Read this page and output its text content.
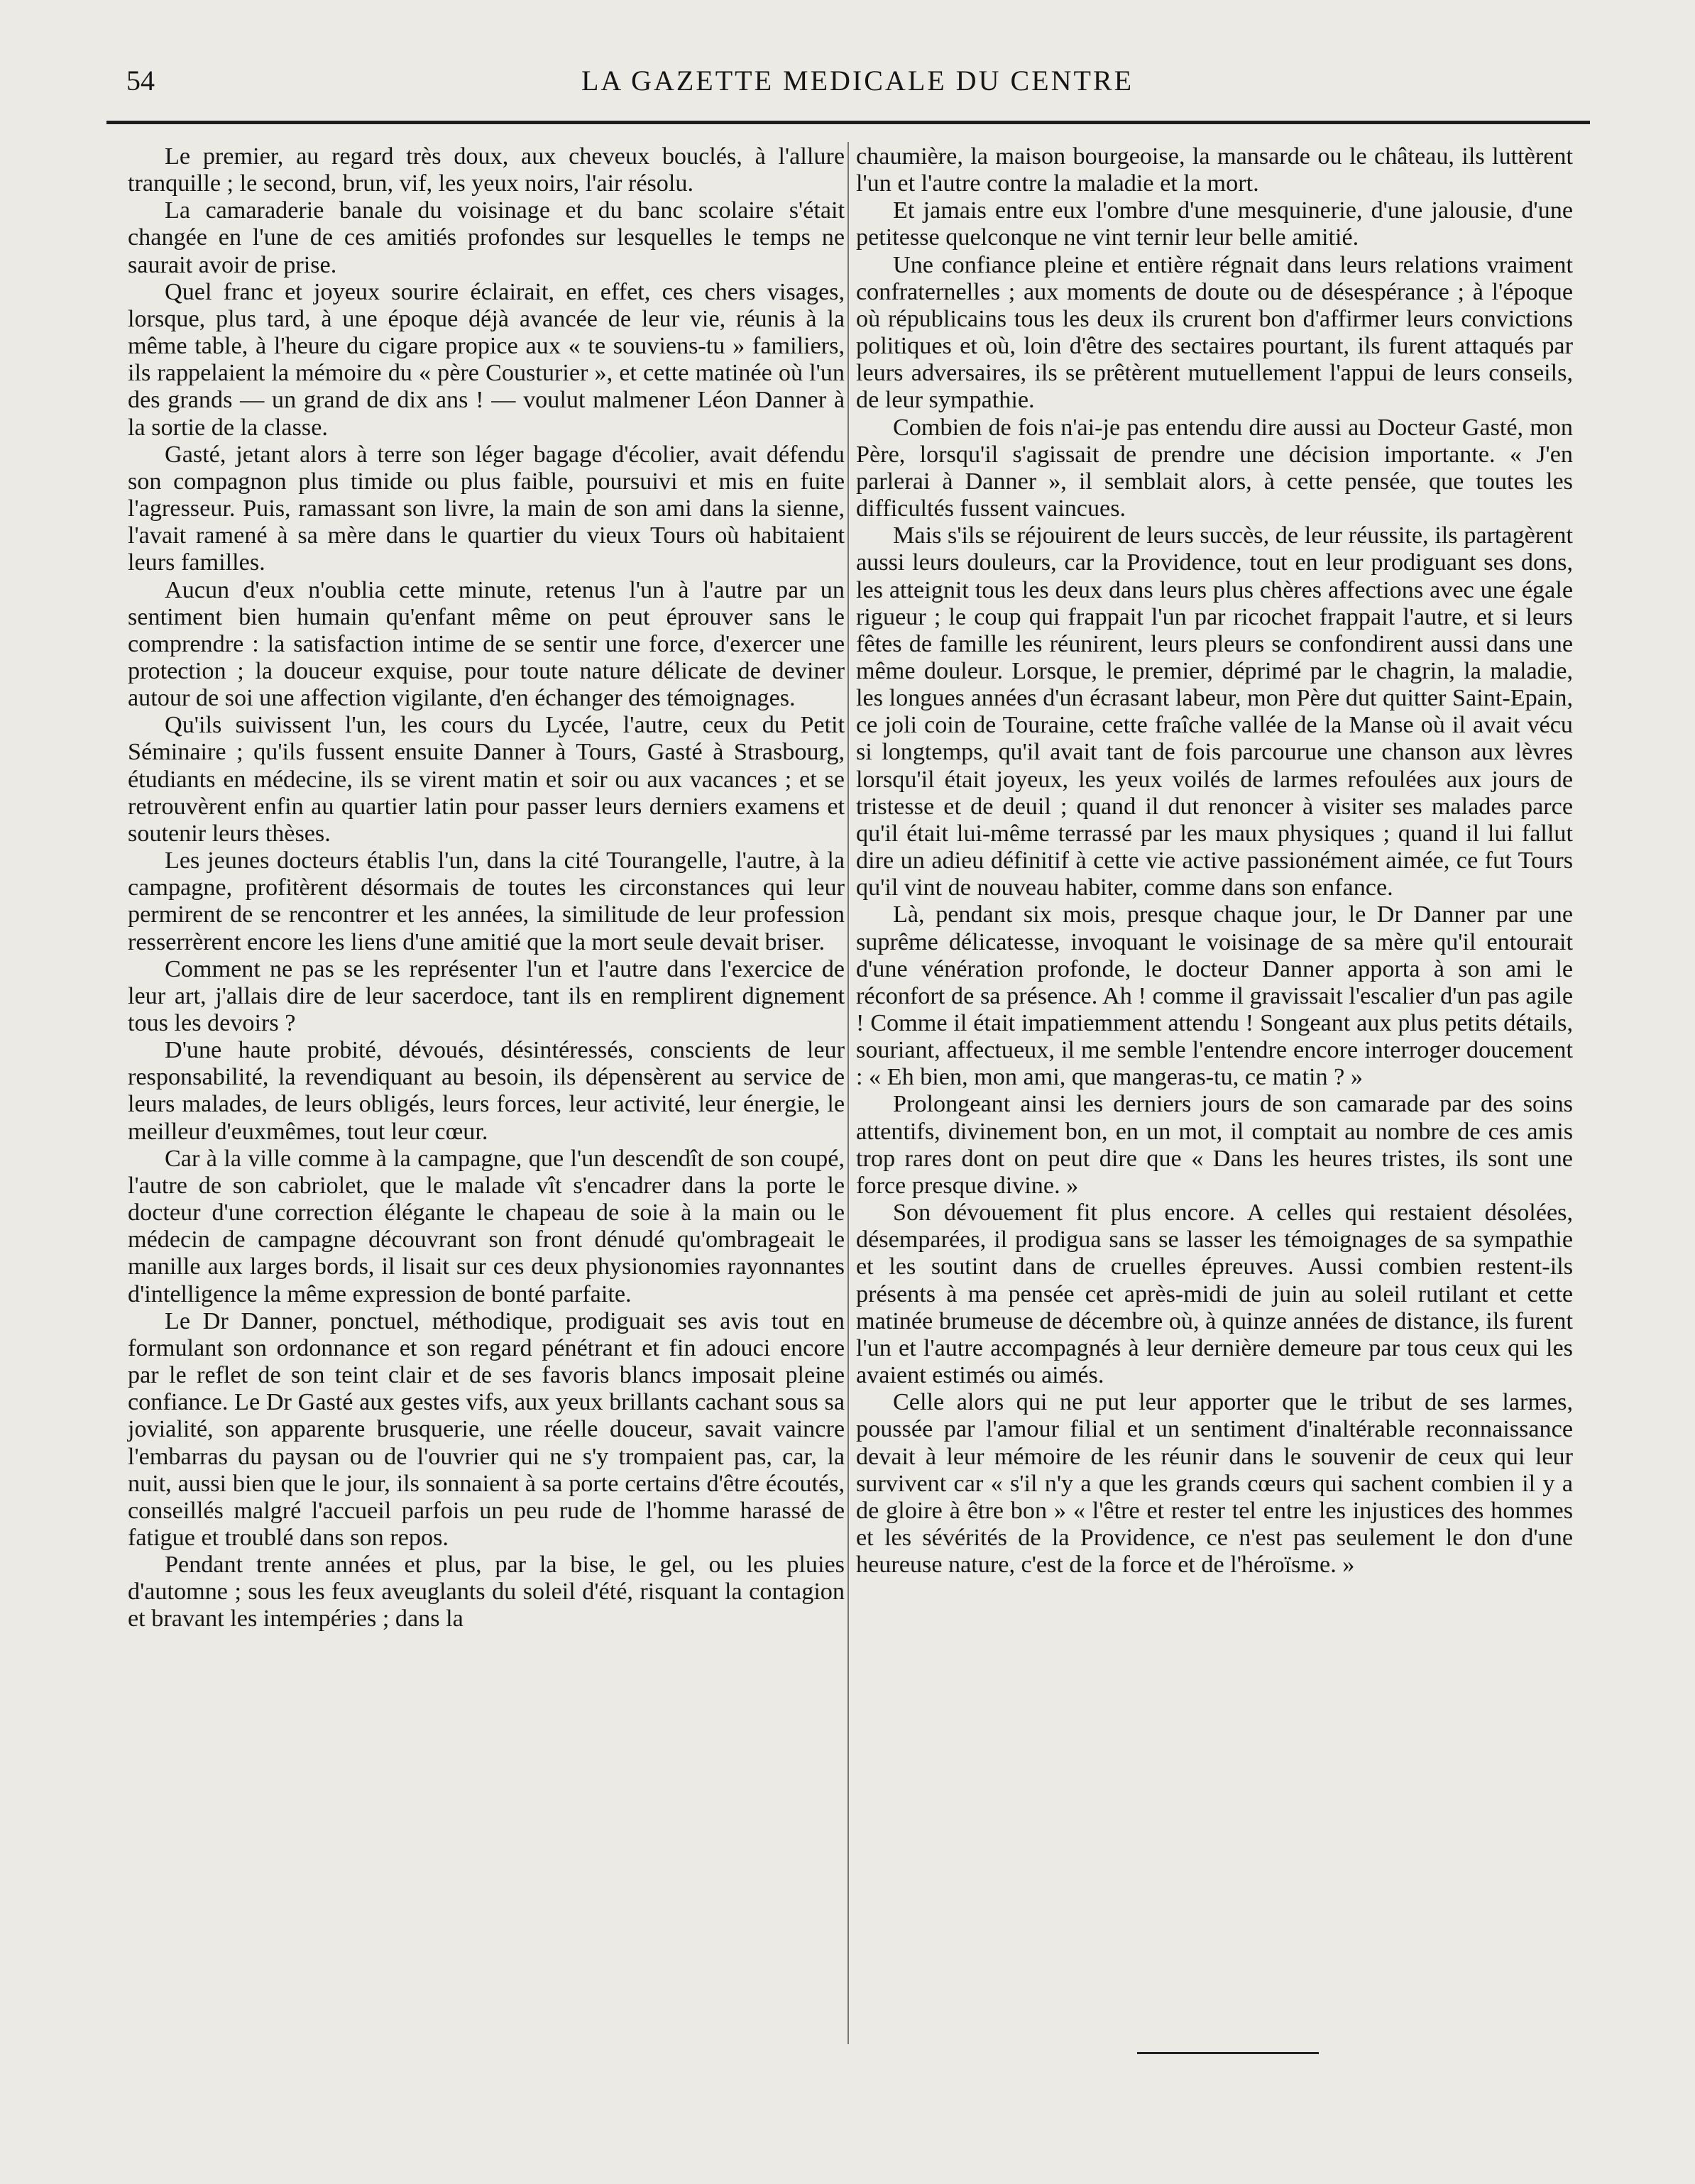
54	LA GAZETTE MEDICALE DU CENTRE

Le premier, au regard très doux, aux cheveux bouclés, à l'allure tranquille ; le second, brun, vif, les yeux noirs, l'air résolu.

La camaraderie banale du voisinage et du banc scolaire s'était changée en l'une de ces amitiés profondes sur lesquelles le temps ne saurait avoir de prise.

Quel franc et joyeux sourire éclairait, en effet, ces chers visages, lorsque, plus tard, à une époque déjà avancée de leur vie, réunis à la même table, à l'heure du cigare propice aux « te souviens-tu » familiers, ils rappelaient la mémoire du « père Cousturier », et cette matinée où l'un des grands — un grand de dix ans ! — voulut malmener Léon Danner à la sortie de la classe.

Gasté, jetant alors à terre son léger bagage d'écolier, avait défendu son compagnon plus timide ou plus faible, poursuivi et mis en fuite l'agresseur. Puis, ramassant son livre, la main de son ami dans la sienne, l'avait ramené à sa mère dans le quartier du vieux Tours où habitaient leurs familles.

Aucun d'eux n'oublia cette minute, retenus l'un à l'autre par un sentiment bien humain qu'enfant même on peut éprouver sans le comprendre : la satisfaction intime de se sentir une force, d'exercer une protection ; la douceur exquise, pour toute nature délicate de deviner autour de soi une affection vigilante, d'en échanger des témoignages.

Qu'ils suivissent l'un, les cours du Lycée, l'autre, ceux du Petit Séminaire ; qu'ils fussent ensuite Danner à Tours, Gasté à Strasbourg, étudiants en médecine, ils se virent matin et soir ou aux vacances ; et se retrouvèrent enfin au quartier latin pour passer leurs derniers examens et soutenir leurs thèses.

Les jeunes docteurs établis l'un, dans la cité Tourangelle, l'autre, à la campagne, profitèrent désormais de toutes les circonstances qui leur permirent de se rencontrer et les années, la similitude de leur profession resserrèrent encore les liens d'une amitié que la mort seule devait briser.

Comment ne pas se les représenter l'un et l'autre dans l'exercice de leur art, j'allais dire de leur sacerdoce, tant ils en remplirent dignement tous les devoirs ?

D'une haute probité, dévoués, désintéressés, conscients de leur responsabilité, la revendiquant au besoin, ils dépensèrent au service de leurs malades, de leurs obligés, leurs forces, leur activité, leur énergie, le meilleur d'euxmêmes, tout leur cœur.

Car à la ville comme à la campagne, que l'un descendît de son coupé, l'autre de son cabriolet, que le malade vît s'encadrer dans la porte le docteur d'une correction élégante le chapeau de soie à la main ou le médecin de campagne découvrant son front dénudé qu'ombrageait le manille aux larges bords, il lisait sur ces deux physionomies rayonnantes d'intelligence la même expression de bonté parfaite.

Le Dr Danner, ponctuel, méthodique, prodiguait ses avis tout en formulant son ordonnance et son regard pénétrant et fin adouci encore par le reflet de son teint clair et de ses favoris blancs imposait pleine confiance. Le Dr Gasté aux gestes vifs, aux yeux brillants cachant sous sa jovialité, son apparente brusquerie, une réelle douceur, savait vaincre l'embarras du paysan ou de l'ouvrier qui ne s'y trompaient pas, car, la nuit, aussi bien que le jour, ils sonnaient à sa porte certains d'être écoutés, conseillés malgré l'accueil parfois un peu rude de l'homme harassé de fatigue et troublé dans son repos.

Pendant trente années et plus, par la bise, le gel, ou les pluies d'automne ; sous les feux aveuglants du soleil d'été, risquant la contagion et bravant les intempéries ; dans la

chaumière, la maison bourgeoise, la mansarde ou le château, ils luttèrent l'un et l'autre contre la maladie et la mort.

Et jamais entre eux l'ombre d'une mesquinerie, d'une jalousie, d'une petitesse quelconque ne vint ternir leur belle amitié.

Une confiance pleine et entière régnait dans leurs relations vraiment confraternelles ; aux moments de doute ou de désespérance ; à l'époque où républicains tous les deux ils crurent bon d'affirmer leurs convictions politiques et où, loin d'être des sectaires pourtant, ils furent attaqués par leurs adversaires, ils se prêtèrent mutuellement l'appui de leurs conseils, de leur sympathie.

Combien de fois n'ai-je pas entendu dire aussi au Docteur Gasté, mon Père, lorsqu'il s'agissait de prendre une décision importante. « J'en parlerai à Danner », il semblait alors, à cette pensée, que toutes les difficultés fussent vaincues.

Mais s'ils se réjouirent de leurs succès, de leur réussite, ils partagèrent aussi leurs douleurs, car la Providence, tout en leur prodiguant ses dons, les atteignit tous les deux dans leurs plus chères affections avec une égale rigueur ; le coup qui frappait l'un par ricochet frappait l'autre, et si leurs fêtes de famille les réunirent, leurs pleurs se confondirent aussi dans une même douleur. Lorsque, le premier, déprimé par le chagrin, la maladie, les longues années d'un écrasant labeur, mon Père dut quitter Saint-Epain, ce joli coin de Touraine, cette fraîche vallée de la Manse où il avait vécu si longtemps, qu'il avait tant de fois parcourue une chanson aux lèvres lorsqu'il était joyeux, les yeux voilés de larmes refoulées aux jours de tristesse et de deuil ; quand il dut renoncer à visiter ses malades parce qu'il était lui-même terrassé par les maux physiques ; quand il lui fallut dire un adieu définitif à cette vie active passionément aimée, ce fut Tours qu'il vint de nouveau habiter, comme dans son enfance.

Là, pendant six mois, presque chaque jour, le Dr Danner par une suprême délicatesse, invoquant le voisinage de sa mère qu'il entourait d'une vénération profonde, le docteur Danner apporta à son ami le réconfort de sa présence. Ah ! comme il gravissait l'escalier d'un pas agile ! Comme il était impatiemment attendu ! Songeant aux plus petits détails, souriant, affectueux, il me semble l'entendre encore interroger doucement : « Eh bien, mon ami, que mangeras-tu, ce matin ? »

Prolongeant ainsi les derniers jours de son camarade par des soins attentifs, divinement bon, en un mot, il comptait au nombre de ces amis trop rares dont on peut dire que « Dans les heures tristes, ils sont une force presque divine. »

Son dévouement fit plus encore. A celles qui restaient désolées, désemparées, il prodigua sans se lasser les témoignages de sa sympathie et les soutint dans de cruelles épreuves. Aussi combien restent-ils présents à ma pensée cet après-midi de juin au soleil rutilant et cette matinée brumeuse de décembre où, à quinze années de distance, ils furent l'un et l'autre accompagnés à leur dernière demeure par tous ceux qui les avaient estimés ou aimés.

Celle alors qui ne put leur apporter que le tribut de ses larmes, poussée par l'amour filial et un sentiment d'inaltérable reconnaissance devait à leur mémoire de les réunir dans le souvenir de ceux qui leur survivent car « s'il n'y a que les grands cœurs qui sachent combien il y a de gloire à être bon » « l'être et rester tel entre les injustices des hommes et les sévérités de la Providence, ce n'est pas seulement le don d'une heureuse nature, c'est de la force et de l'héroïsme. »
